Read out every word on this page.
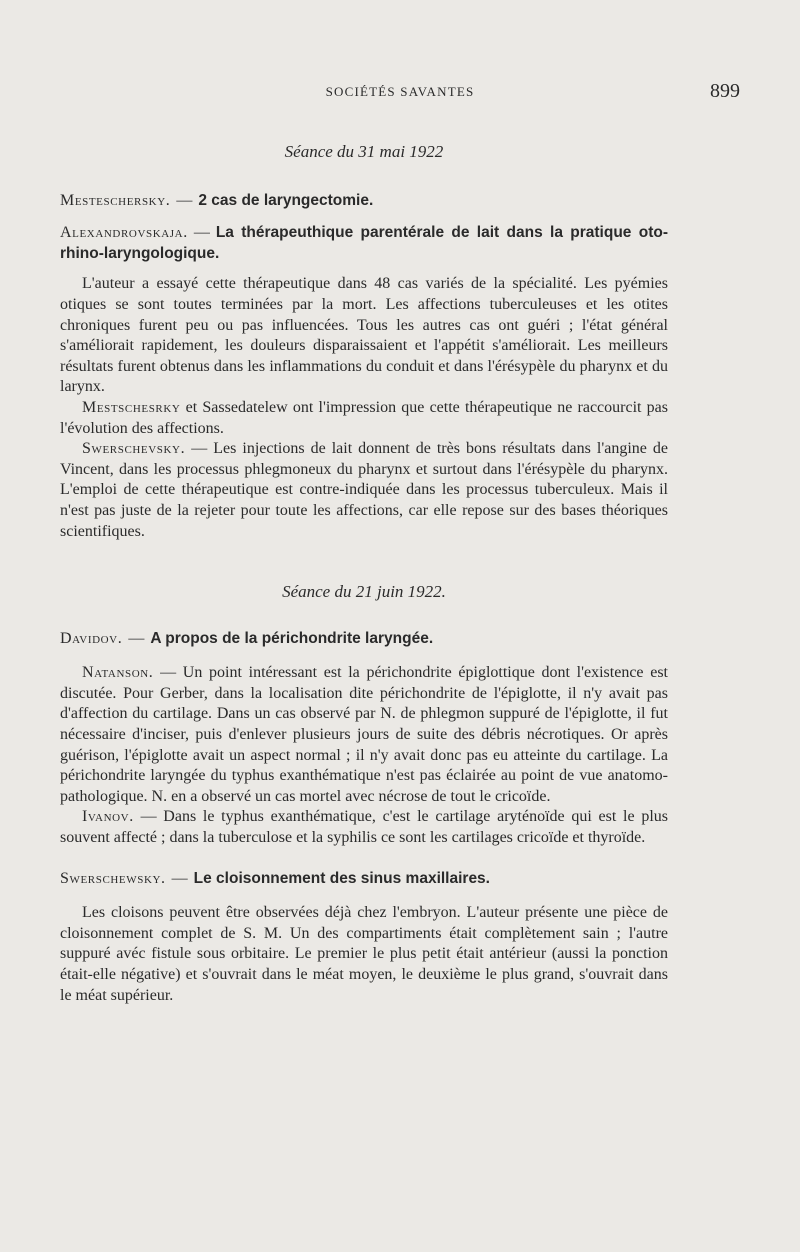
SOCIÉTÉS SAVANTES	899
Séance du 31 mai 1922
Mesteschersky. — 2 cas de laryngectomie.
Alexandrovskaja. — La thérapeuthique parentérale de lait dans la pratique oto-rhino-laryngologique.

L'auteur a essayé cette thérapeutique dans 48 cas variés de la spécialité. Les pyémies otiques se sont toutes terminées par la mort. Les affections tuberculeuses et les otites chroniques furent peu ou pas influencées. Tous les autres cas ont guéri ; l'état général s'améliorait rapidement, les douleurs disparaissaient et l'appétit s'améliorait. Les meilleurs résultats furent obtenus dans les inflammations du conduit et dans l'érésypèle du pharynx et du larynx.

Mestschesrky et Sassedatelew ont l'impression que cette thérapeutique ne raccourcit pas l'évolution des affections.

Swerschevsky. — Les injections de lait donnent de très bons résultats dans l'angine de Vincent, dans les processus phlegmoneux du pharynx et surtout dans l'érésypèle du pharynx. L'emploi de cette thérapeutique est contre-indiquée dans les processus tuberculeux. Mais il n'est pas juste de la rejeter pour toute les affections, car elle repose sur des bases théoriques scientifiques.

Séance du 21 juin 1922.
Davidov. — A propos de la périchondrite laryngée.

Natanson. — Un point intéressant est la périchondrite épiglottique dont l'existence est discutée. Pour Gerber, dans la localisation dite périchondrite de l'épiglotte, il n'y avait pas d'affection du cartilage. Dans un cas observé par N. de phlegmon suppuré de l'épiglotte, il fut nécessaire d'inciser, puis d'enlever plusieurs jours de suite des débris nécrotiques. Or après guérison, l'épiglotte avait un aspect normal ; il n'y avait donc pas eu atteinte du cartilage. La périchondrite laryngée du typhus exanthématique n'est pas éclairée au point de vue anatomo-pathologique. N. en a observé un cas mortel avec nécrose de tout le cricoïde.

Ivanov. — Dans le typhus exanthématique, c'est le cartilage aryténoïde qui est le plus souvent affecté ; dans la tuberculose et la syphilis ce sont les cartilages cricoïde et thyroïde.

Swerschewsky. — Le cloisonnement des sinus maxillaires.

Les cloisons peuvent être observées déjà chez l'embryon. L'auteur présente une pièce de cloisonnement complet de S. M. Un des compartiments était complètement sain ; l'autre suppuré avéc fistule sous orbitaire. Le premier le plus petit était antérieur (aussi la ponction était-elle négative) et s'ouvrait dans le méat moyen, le deuxième le plus grand, s'ouvrait dans le méat supérieur.
